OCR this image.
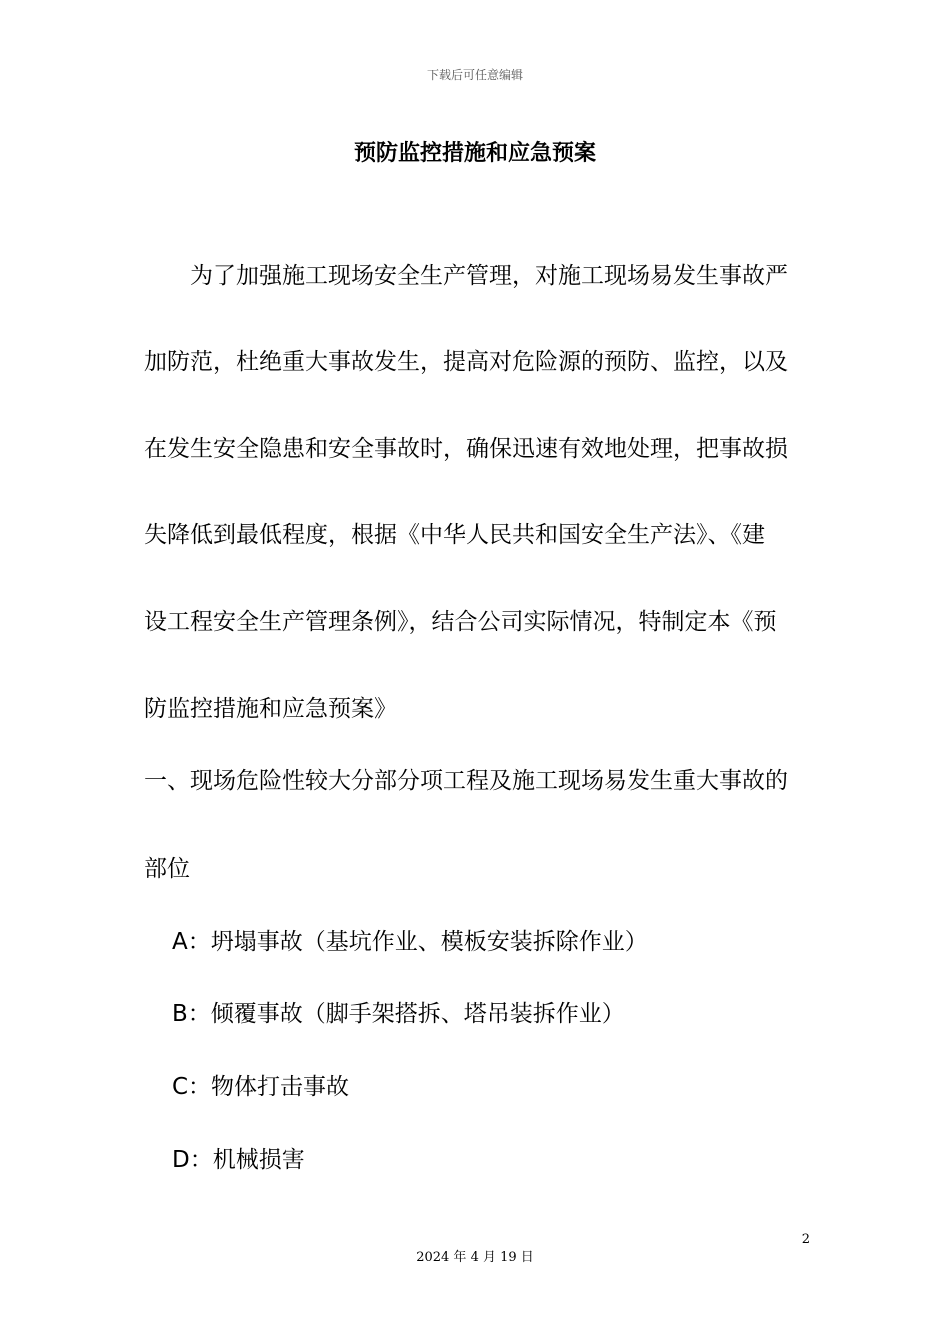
下载后可任意编辑
预防监控措施和应急预案
　　为了加强施工现场安全生产管理，对施工现场易发生事故严
加防范，杜绝重大事故发生，提高对危险源的预防、监控，以及
在发生安全隐患和安全事故时，确保迅速有效地处理，把事故损
失降低到最低程度，根据《中华人民共和国安全生产法》、《建
设工程安全生产管理条例》，结合公司实际情况，特制定本《预
防监控措施和应急预案》
一、现场危险性较大分部分项工程及施工现场易发生重大事故的
部位
A：坍塌事故（基坑作业、模板安装拆除作业）
B：倾覆事故（脚手架搭拆、塔吊装拆作业）
C：物体打击事故
D：机械损害
2
2024 年 4 月 19 日
